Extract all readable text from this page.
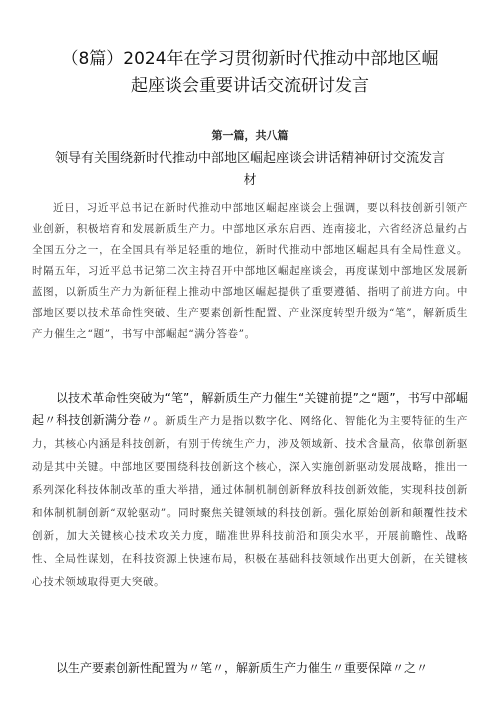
（8篇）2024年在学习贯彻新时代推动中部地区崛
起座谈会重要讲话交流研讨发言
第一篇，共八篇
领导有关围绕新时代推动中部地区崛起座谈会讲话精神研讨交流发言
材

近日，习近平总书记在新时代推动中部地区崛起座谈会上强调，要以科技创新引领产业创新，积极培育和发展新质生产力。中部地区承东启西、连南接北，六省经济总量约占全国五分之一，在全国具有举足轻重的地位，新时代推动中部地区崛起具有全局性意义。时隔五年，习近平总书记第二次主持召开中部地区崛起座谈会，再度谋划中部地区发展新蓝图，以新质生产力为新征程上推动中部地区崛起提供了重要遵循、指明了前进方向。中部地区要以技术革命性突破、生产要素创新性配置、产业深度转型升级为“笔”，解新质生产力催生之“题”，书写中部崛起“满分答卷”。

以技术革命性突破为“笔”，解新质生产力催生“关键前提”之“题”，书写中部崛起〃科技创新满分卷〃。新质生产力是指以数字化、网络化、智能化为主要特征的生产力，其核心内涵是科技创新，有别于传统生产力，涉及领域新、技术含量高，依靠创新驱动是其中关键。中部地区要围绕科技创新这个核心，深入实施创新驱动发展战略，推出一系列深化科技体制改革的重大举措，通过体制机制创新释放科技创新效能，实现科技创新和体制机制创新“双轮驱动”。同时聚焦关键领域的科技创新。强化原始创新和颠覆性技术创新，加大关键核心技术攻关力度，瞄准世界科技前沿和顶尖水平，开展前瞻性、战略性、全局性谋划，在科技资源上快速布局，积极在基础科技领域作出更大创新，在关键核心技术领域取得更大突破。

以生产要素创新性配置为〃笔〃，解新质生产力催生〃重要保障〃之〃
